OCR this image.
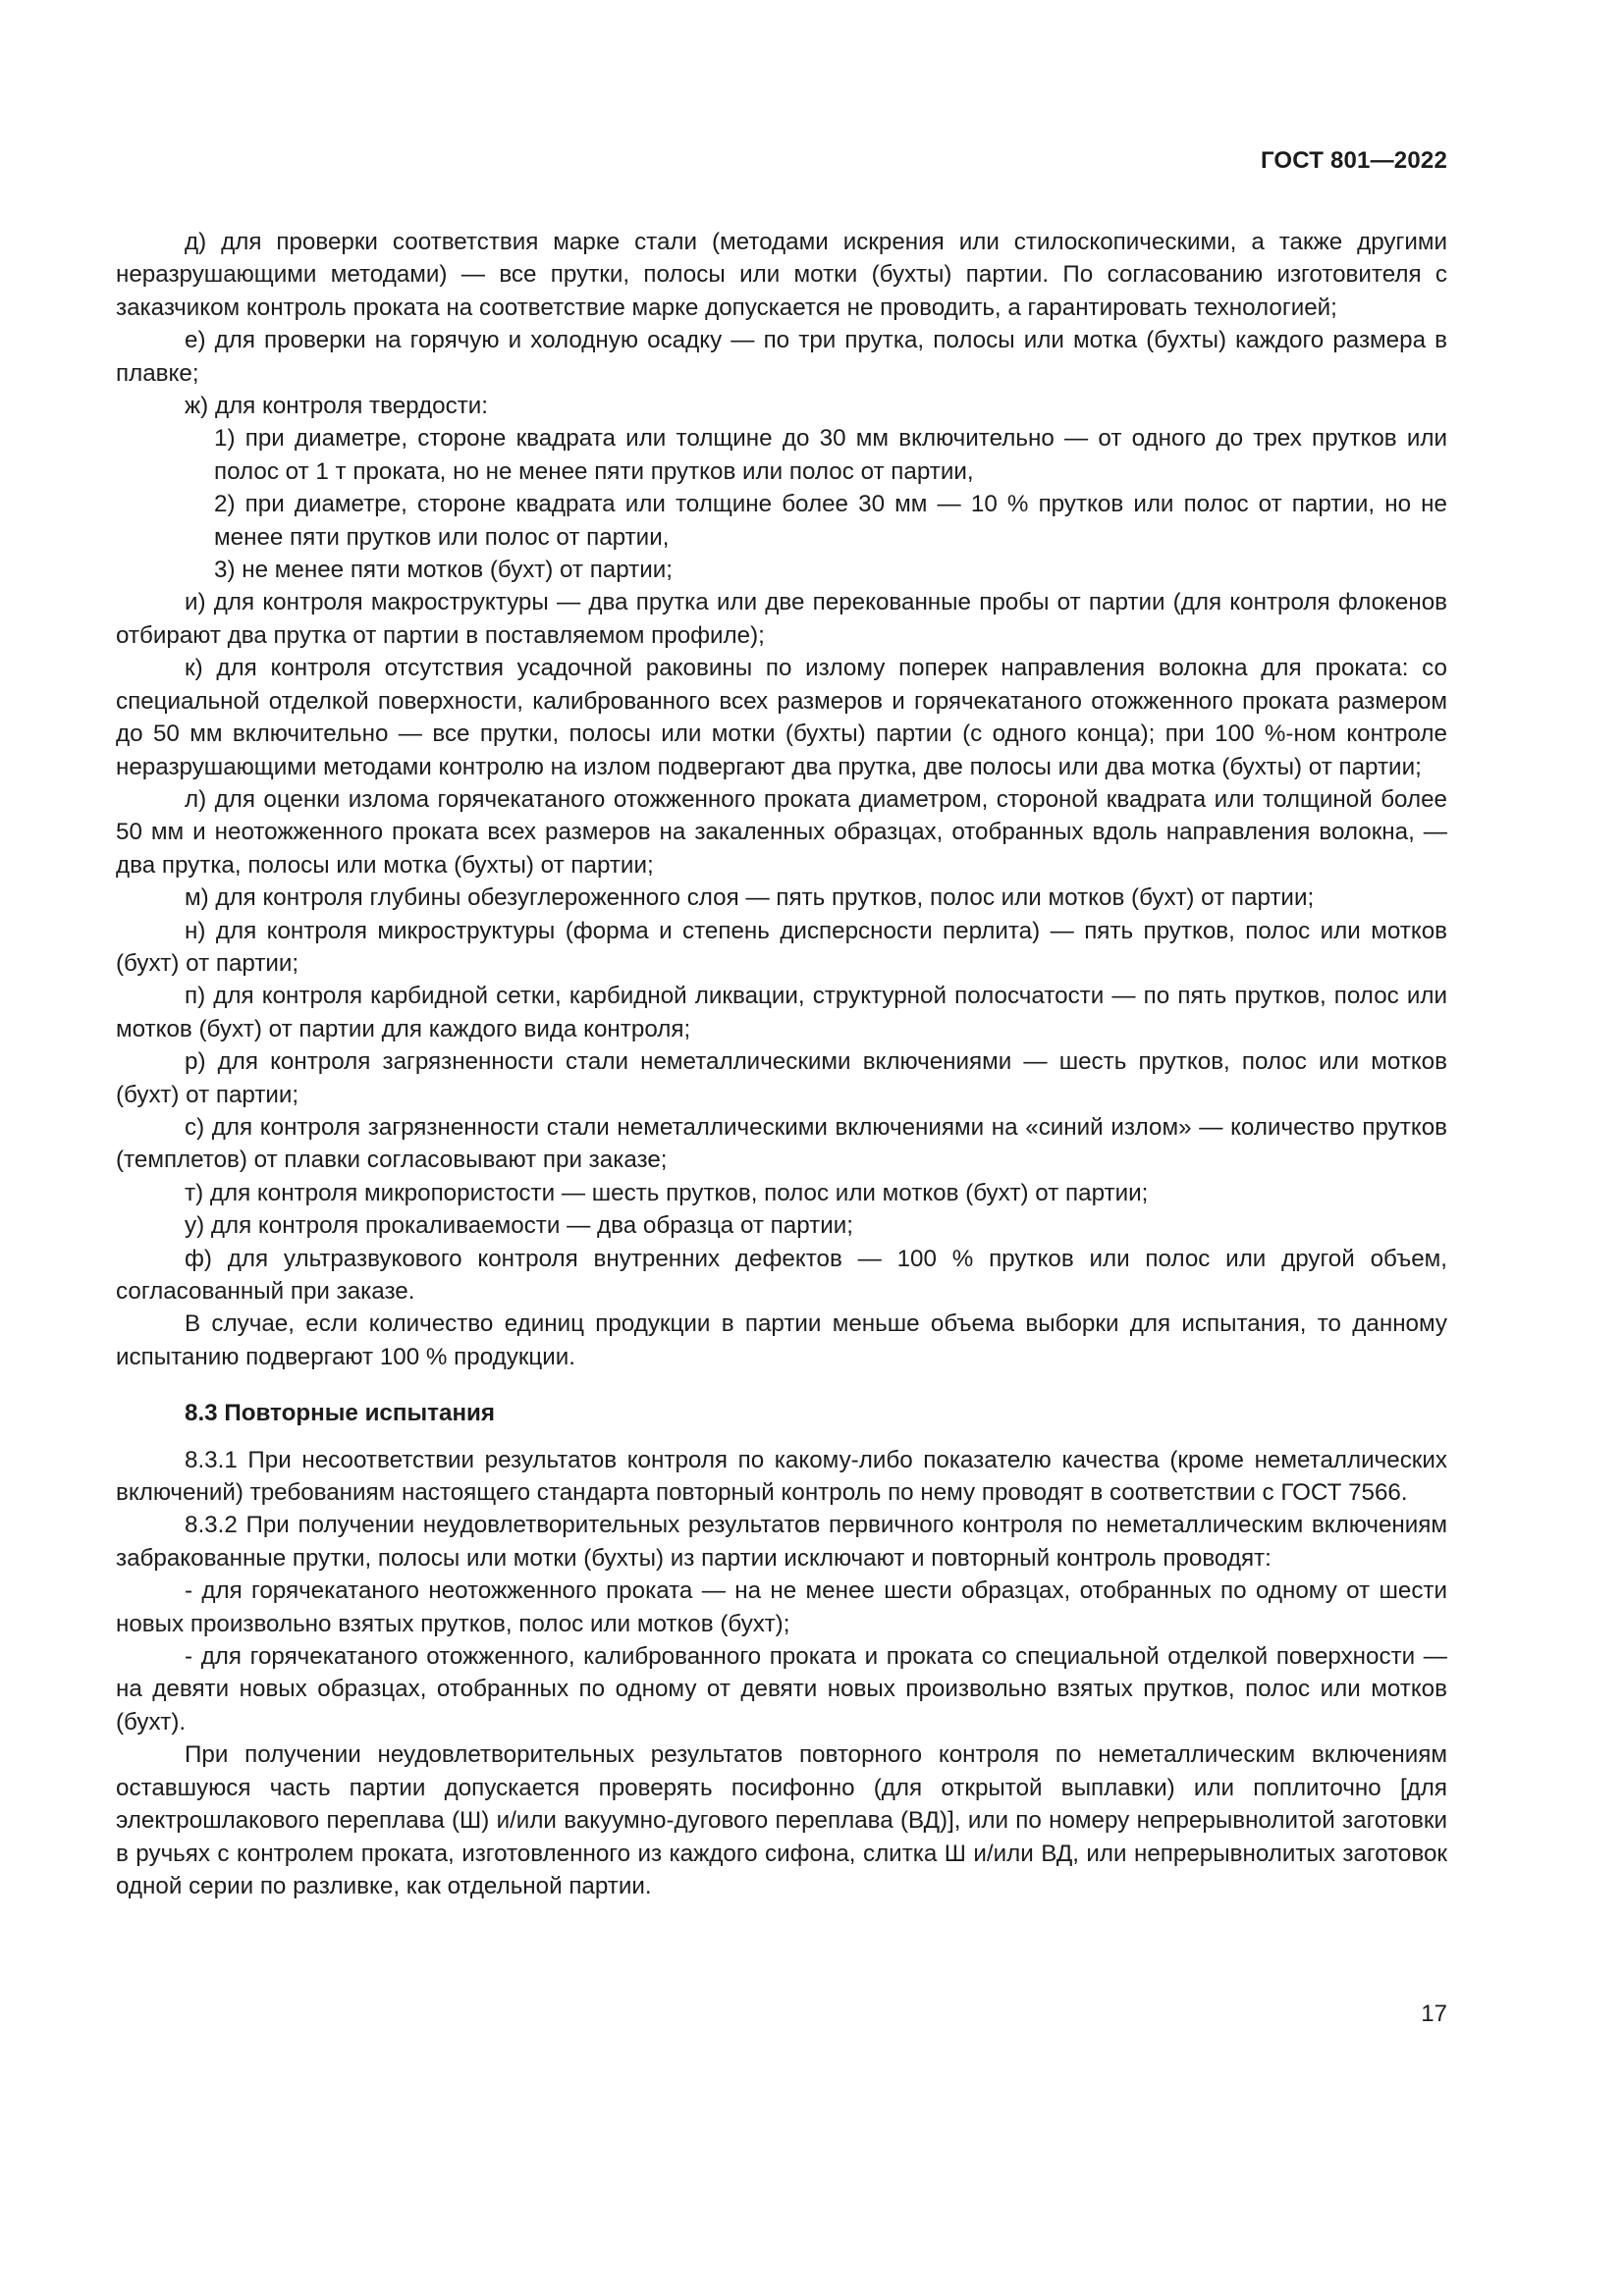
ГОСТ 801—2022

д) для проверки соответствия марке стали (методами искрения или стилоскопическими, а также другими неразрушающими методами) — все прутки, полосы или мотки (бухты) партии. По согласованию изготовителя с заказчиком контроль проката на соответствие марке допускается не проводить, а гарантировать технологией;

е) для проверки на горячую и холодную осадку — по три прутка, полосы или мотка (бухты) каждого размера в плавке;

ж) для контроля твердости:

1) при диаметре, стороне квадрата или толщине до 30 мм включительно — от одного до трех прутков или полос от 1 т проката, но не менее пяти прутков или полос от партии,

2) при диаметре, стороне квадрата или толщине более 30 мм — 10 % прутков или полос от партии, но не менее пяти прутков или полос от партии,

3) не менее пяти мотков (бухт) от партии;

и) для контроля макроструктуры — два прутка или две перекованные пробы от партии (для контроля флокенов отбирают два прутка от партии в поставляемом профиле);

к) для контроля отсутствия усадочной раковины по излому поперек направления волокна для проката: со специальной отделкой поверхности, калиброванного всех размеров и горячекатаного отожженного проката размером до 50 мм включительно — все прутки, полосы или мотки (бухты) партии (с одного конца); при 100 %-ном контроле неразрушающими методами контролю на излом подвергают два прутка, две полосы или два мотка (бухты) от партии;

л) для оценки излома горячекатаного отожженного проката диаметром, стороной квадрата или толщиной более 50 мм и неотожженного проката всех размеров на закаленных образцах, отобранных вдоль направления волокна, — два прутка, полосы или мотка (бухты) от партии;

м) для контроля глубины обезуглероженного слоя — пять прутков, полос или мотков (бухт) от партии;

н) для контроля микроструктуры (форма и степень дисперсности перлита) — пять прутков, полос или мотков (бухт) от партии;

п) для контроля карбидной сетки, карбидной ликвации, структурной полосчатости — по пять прутков, полос или мотков (бухт) от партии для каждого вида контроля;

р) для контроля загрязненности стали неметаллическими включениями — шесть прутков, полос или мотков (бухт) от партии;

с) для контроля загрязненности стали неметаллическими включениями на «синий излом» — количество прутков (темплетов) от плавки согласовывают при заказе;

т) для контроля микропористости — шесть прутков, полос или мотков (бухт) от партии;

у) для контроля прокаливаемости — два образца от партии;

ф) для ультразвукового контроля внутренних дефектов — 100 % прутков или полос или другой объем, согласованный при заказе.

В случае, если количество единиц продукции в партии меньше объема выборки для испытания, то данному испытанию подвергают 100 % продукции.

8.3 Повторные испытания

8.3.1 При несоответствии результатов контроля по какому-либо показателю качества (кроме неметаллических включений) требованиям настоящего стандарта повторный контроль по нему проводят в соответствии с ГОСТ 7566.

8.3.2 При получении неудовлетворительных результатов первичного контроля по неметаллическим включениям забракованные прутки, полосы или мотки (бухты) из партии исключают и повторный контроль проводят:

- для горячекатаного неотожженного проката — на не менее шести образцах, отобранных по одному от шести новых произвольно взятых прутков, полос или мотков (бухт);

- для горячекатаного отожженного, калиброванного проката и проката со специальной отделкой поверхности — на девяти новых образцах, отобранных по одному от девяти новых произвольно взятых прутков, полос или мотков (бухт).

При получении неудовлетворительных результатов повторного контроля по неметаллическим включениям оставшуюся часть партии допускается проверять посифонно (для открытой выплавки) или поплиточно [для электрошлакового переплава (Ш) и/или вакуумно-дугового переплава (ВД)], или по номеру непрерывнолитой заготовки в ручьях с контролем проката, изготовленного из каждого сифона, слитка Ш и/или ВД, или непрерывнолитых заготовок одной серии по разливке, как отдельной партии.

17
